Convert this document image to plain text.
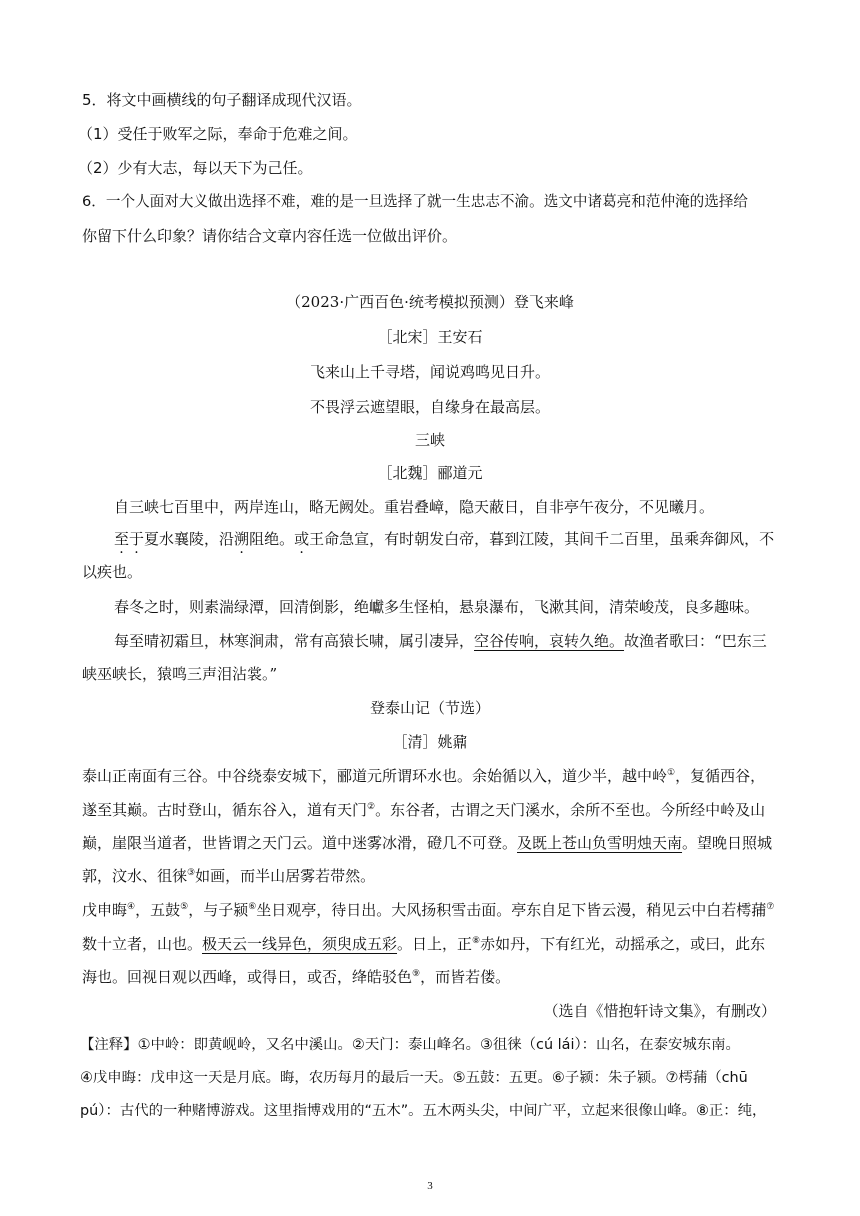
5．将文中画横线的句子翻译成现代汉语。
（1）受任于败军之际，奉命于危难之间。
（2）少有大志，每以天下为己任。
6．一个人面对大义做出选择不难，难的是一旦选择了就一生忠志不渝。选文中诸葛亮和范仲淹的选择给
你留下什么印象？请你结合文章内容任选一位做出评价。
（2023·广西百色·统考模拟预测）登飞来峰
［北宋］王安石
飞来山上千寻塔，闻说鸡鸣见日升。
不畏浮云遮望眼，自缘身在最高层。
三峡
［北魏］郦道元
自三峡七百里中，两岸连山，略无阙处。重岩叠嶂，隐天蔽日，自非亭午夜分，不见曦月。
至于夏水襄陵，沿溯阻绝。或王命急宣，有时朝发白帝，暮到江陵，其间千二百里，虽乘奔御风，不
以疾也。
春冬之时，则素湍绿潭，回清倒影，绝巘多生怪柏，悬泉瀑布，飞漱其间，清荣峻茂，良多趣味。
每至晴初霜旦，林寒涧肃，常有高猿长啸，属引凄异，空谷传响，哀转久绝。故渔者歌曰：“巴东三
峡巫峡长，猿鸣三声泪沾裳。”
登泰山记（节选）
［清］姚鼐
泰山正南面有三谷。中谷绕泰安城下，郦道元所谓环水也。余始循以入，道少半，越中岭①，复循西谷，
遂至其巅。古时登山，循东谷入，道有天门②。东谷者，古谓之天门溪水，余所不至也。今所经中岭及山
巅，崖限当道者，世皆谓之天门云。道中迷雾冰滑，磴几不可登。及既上苍山负雪明烛天南。望晚日照城
郭，汶水、徂徕③如画，而半山居雾若带然。
戊申晦④，五鼓⑤，与子颍⑥坐日观亭，待日出。大风扬积雪击面。亭东自足下皆云漫，稍见云中白若樗蒱⑦
数十立者，山也。极天云一线异色，须臾成五彩。日上，正⑧赤如丹，下有红光，动摇承之，或曰，此东
海也。回视日观以西峰，或得日，或否，绛皓驳色⑨，而皆若偻。
（选自《惜抱轩诗文集》，有删改）
【注释】①中岭：即黄岘岭，又名中溪山。②天门：泰山峰名。③徂徕（cú lái）：山名，在泰安城东南。
④戊申晦：戊申这一天是月底。晦，农历每月的最后一天。⑤五鼓：五更。⑥子颍：朱子颍。⑦樗蒱（chū
pú）：古代的一种赌博游戏。这里指博戏用的“五木”。五木两头尖，中间广平，立起来很像山峰。⑧正：纯，
3
